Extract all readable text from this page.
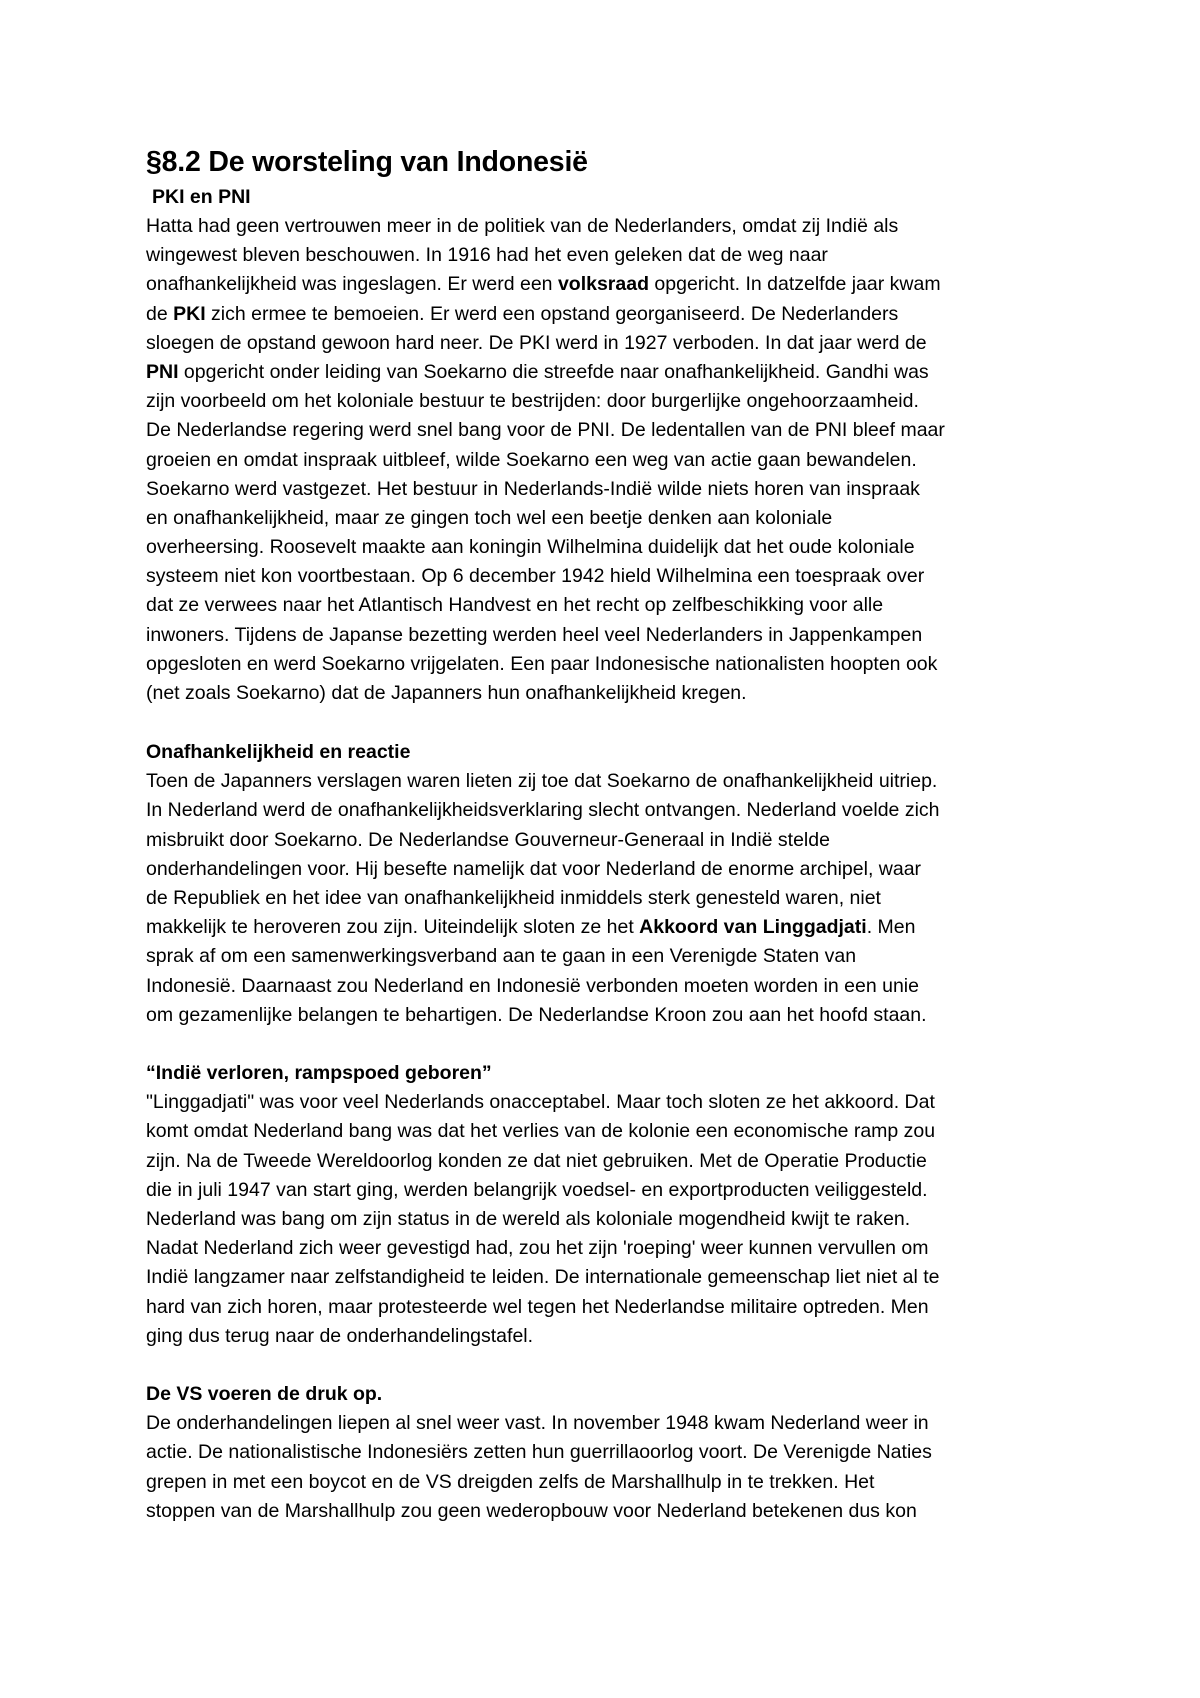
§8.2 De worsteling van Indonesië
PKI en PNI
Hatta had geen vertrouwen meer in de politiek van de Nederlanders, omdat zij Indië als
wingewest bleven beschouwen. In 1916 had het even geleken dat de weg naar
onafhankelijkheid was ingeslagen. Er werd een volksraad opgericht. In datzelfde jaar kwam
de PKI zich ermee te bemoeien. Er werd een opstand georganiseerd. De Nederlanders
sloegen de opstand gewoon hard neer. De PKI werd in 1927 verboden. In dat jaar werd de
PNI opgericht onder leiding van Soekarno die streefde naar onafhankelijkheid. Gandhi was
zijn voorbeeld om het koloniale bestuur te bestrijden: door burgerlijke ongehoorzaamheid.
De Nederlandse regering werd snel bang voor de PNI. De ledentallen van de PNI bleef maar
groeien en omdat inspraak uitbleef, wilde Soekarno een weg van actie gaan bewandelen.
Soekarno werd vastgezet. Het bestuur in Nederlands-Indië wilde niets horen van inspraak
en onafhankelijkheid, maar ze gingen toch wel een beetje denken aan koloniale
overheersing. Roosevelt maakte aan koningin Wilhelmina duidelijk dat het oude koloniale
systeem niet kon voortbestaan. Op 6 december 1942 hield Wilhelmina een toespraak over
dat ze verwees naar het Atlantisch Handvest en het recht op zelfbeschikking voor alle
inwoners. Tijdens de Japanse bezetting werden heel veel Nederlanders in Jappenkampen
opgesloten en werd Soekarno vrijgelaten. Een paar Indonesische nationalisten hoopten ook
(net zoals Soekarno) dat de Japanners hun onafhankelijkheid kregen.
Onafhankelijkheid en reactie
Toen de Japanners verslagen waren lieten zij toe dat Soekarno de onafhankelijkheid uitriep.
In Nederland werd de onafhankelijkheidsverklaring slecht ontvangen. Nederland voelde zich
misbruikt door Soekarno. De Nederlandse Gouverneur-Generaal in Indië stelde
onderhandelingen voor. Hij besefte namelijk dat voor Nederland de enorme archipel, waar
de Republiek en het idee van onafhankelijkheid inmiddels sterk genesteld waren, niet
makkelijk te heroveren zou zijn. Uiteindelijk sloten ze het Akkoord van Linggadjati. Men
sprak af om een samenwerkingsverband aan te gaan in een Verenigde Staten van
Indonesië. Daarnaast zou Nederland en Indonesië verbonden moeten worden in een unie
om gezamenlijke belangen te behartigen. De Nederlandse Kroon zou aan het hoofd staan.
“Indië verloren, rampspoed geboren”
"Linggadjati" was voor veel Nederlands onacceptabel. Maar toch sloten ze het akkoord. Dat
komt omdat Nederland bang was dat het verlies van de kolonie een economische ramp zou
zijn. Na de Tweede Wereldoorlog konden ze dat niet gebruiken. Met de Operatie Productie
die in juli 1947 van start ging, werden belangrijk voedsel- en exportproducten veiliggesteld.
Nederland was bang om zijn status in de wereld als koloniale mogendheid kwijt te raken.
Nadat Nederland zich weer gevestigd had, zou het zijn 'roeping' weer kunnen vervullen om
Indië langzamer naar zelfstandigheid te leiden. De internationale gemeenschap liet niet al te
hard van zich horen, maar protesteerde wel tegen het Nederlandse militaire optreden. Men
ging dus terug naar de onderhandelingstafel.
De VS voeren de druk op.
De onderhandelingen liepen al snel weer vast. In november 1948 kwam Nederland weer in
actie. De nationalistische Indonesiërs zetten hun guerrillaoorlog voort. De Verenigde Naties
grepen in met een boycot en de VS dreigden zelfs de Marshallhulp in te trekken. Het
stoppen van de Marshallhulp zou geen wederopbouw voor Nederland betekenen dus kon
